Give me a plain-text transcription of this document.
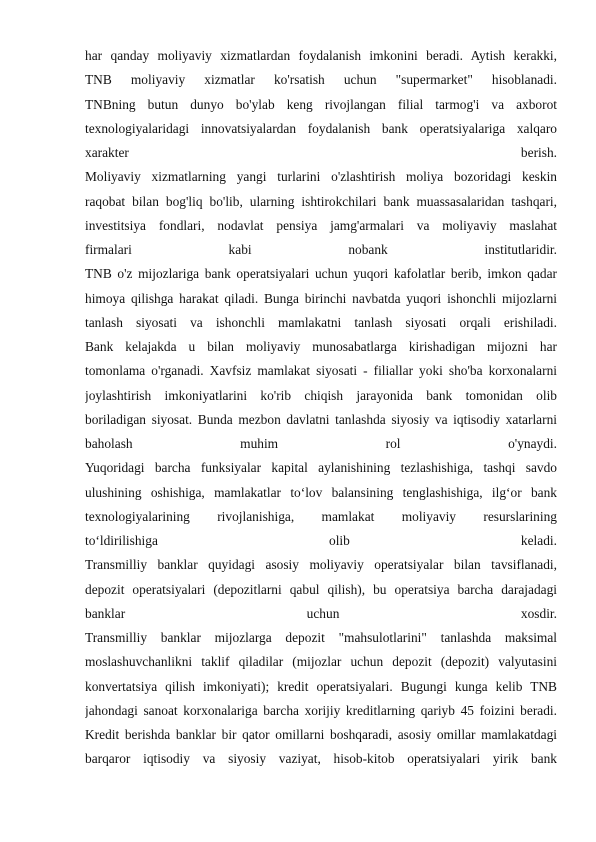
har qanday moliyaviy xizmatlardan foydalanish imkonini beradi. Aytish kerakki,
TNB moliyaviy xizmatlar ko'rsatish uchun "supermarket" hisoblanadi.
TNBning butun dunyo bo'ylab keng rivojlangan filial tarmog'i va axborot
texnologiyalaridagi innovatsiyalardan foydalanish bank operatsiyalariga xalqaro
xarakter berish.
Moliyaviy xizmatlarning yangi turlarini o'zlashtirish moliya bozoridagi keskin
raqobat bilan bog'liq bo'lib, ularning ishtirokchilari bank muassasalaridan tashqari,
investitsiya fondlari, nodavlat pensiya jamg'armalari va moliyaviy maslahat
firmalari kabi nobank institutlaridir.
TNB o'z mijozlariga bank operatsiyalari uchun yuqori kafolatlar berib, imkon qadar
himoya qilishga harakat qiladi. Bunga birinchi navbatda yuqori ishonchli mijozlarni
tanlash siyosati va ishonchli mamlakatni tanlash siyosati orqali erishiladi.
Bank kelajakda u bilan moliyaviy munosabatlarga kirishadigan mijozni har
tomonlama o'rganadi. Xavfsiz mamlakat siyosati - filiallar yoki sho'ba korxonalarni
joylashtirish imkoniyatlarini ko'rib chiqish jarayonida bank tomonidan olib
boriladigan siyosat. Bunda mezbon davlatni tanlashda siyosiy va iqtisodiy xatarlarni
baholash muhim rol o'ynaydi.
Yuqoridagi barcha funksiyalar kapital aylanishining tezlashishiga, tashqi savdo
ulushining oshishiga, mamlakatlar to‘lov balansining tenglashishiga, ilg‘or bank
texnologiyalarining rivojlanishiga, mamlakat moliyaviy resurslarining
to‘ldirilishiga olib keladi.
Transmilliy banklar quyidagi asosiy moliyaviy operatsiyalar bilan tavsiflanadi,
depozit operatsiyalari (depozitlarni qabul qilish), bu operatsiya barcha darajadagi
banklar uchun xosdir.
Transmilliy banklar mijozlarga depozit "mahsulotlarini" tanlashda maksimal
moslashuvchanlikni taklif qiladilar (mijozlar uchun depozit (depozit) valyutasini
konvertatsiya qilish imkoniyati); kredit operatsiyalari. Bugungi kunga kelib TNB
jahondagi sanoat korxonalariga barcha xorijiy kreditlarning qariyb 45 foizini beradi.
Kredit berishda banklar bir qator omillarni boshqaradi, asosiy omillar mamlakatdagi
barqaror iqtisodiy va siyosiy vaziyat, hisob-kitob operatsiyalari yirik bank
